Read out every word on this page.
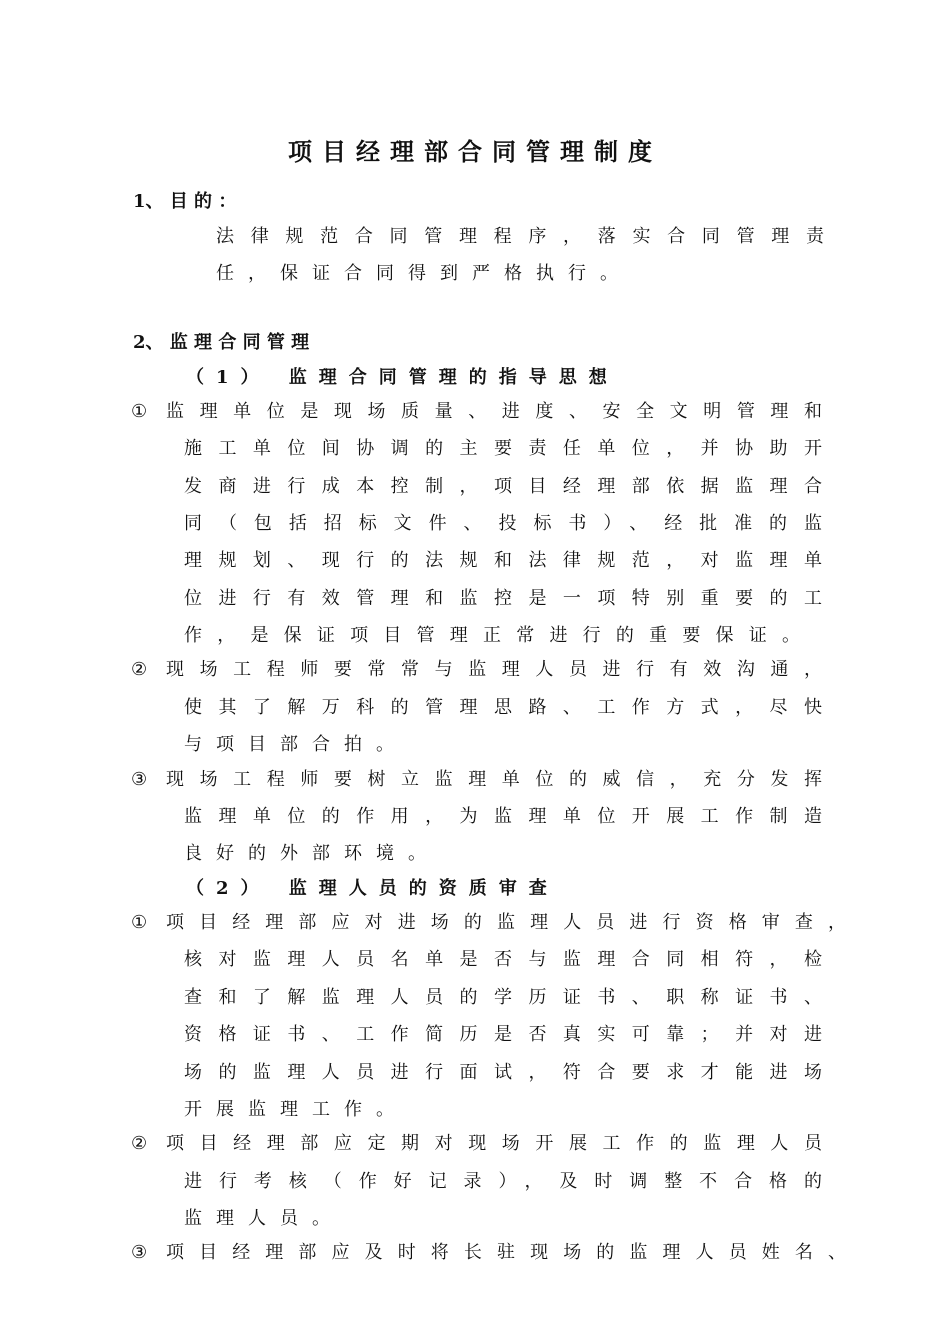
项目经理部合同管理制度
1、 目 的 ：
法律规范合同管理程序，落实合同管理责
任，保证合同得到严格执行。
2、 监 理 合 同 管 理
（1） 监理合同管理的指导思想
① 监理单位是现场质量、进度、安全文明管理和
施工单位间协调的主要责任单位，并协助开
发商进行成本控制，项目经理部依据监理合
同（包括招标文件、投标书）、经批准的监
理规划、现行的法规和法律规范，对监理单
位进行有效管理和监控是一项特别重要的工
作，是保证项目管理正常进行的重要保证。
② 现场工程师要常常与监理人员进行有效沟通，
使其了解万科的管理思路、工作方式，尽快
与项目部合拍。
③ 现场工程师要树立监理单位的威信，充分发挥
监理单位的作用，为监理单位开展工作制造
良好的外部环境。
（2） 监理人员的资质审查
① 项目经理部应对进场的监理人员进行资格审查，
核对监理人员名单是否与监理合同相符，检
查和了解监理人员的学历证书、职称证书、
资格证书、工作简历是否真实可靠；并对进
场的监理人员进行面试，符合要求才能进场
开展监理工作。
② 项目经理部应定期对现场开展工作的监理人员
进行考核（作好记录），及时调整不合格的
监理人员。
③ 项目经理部应及时将长驻现场的监理人员姓名、
